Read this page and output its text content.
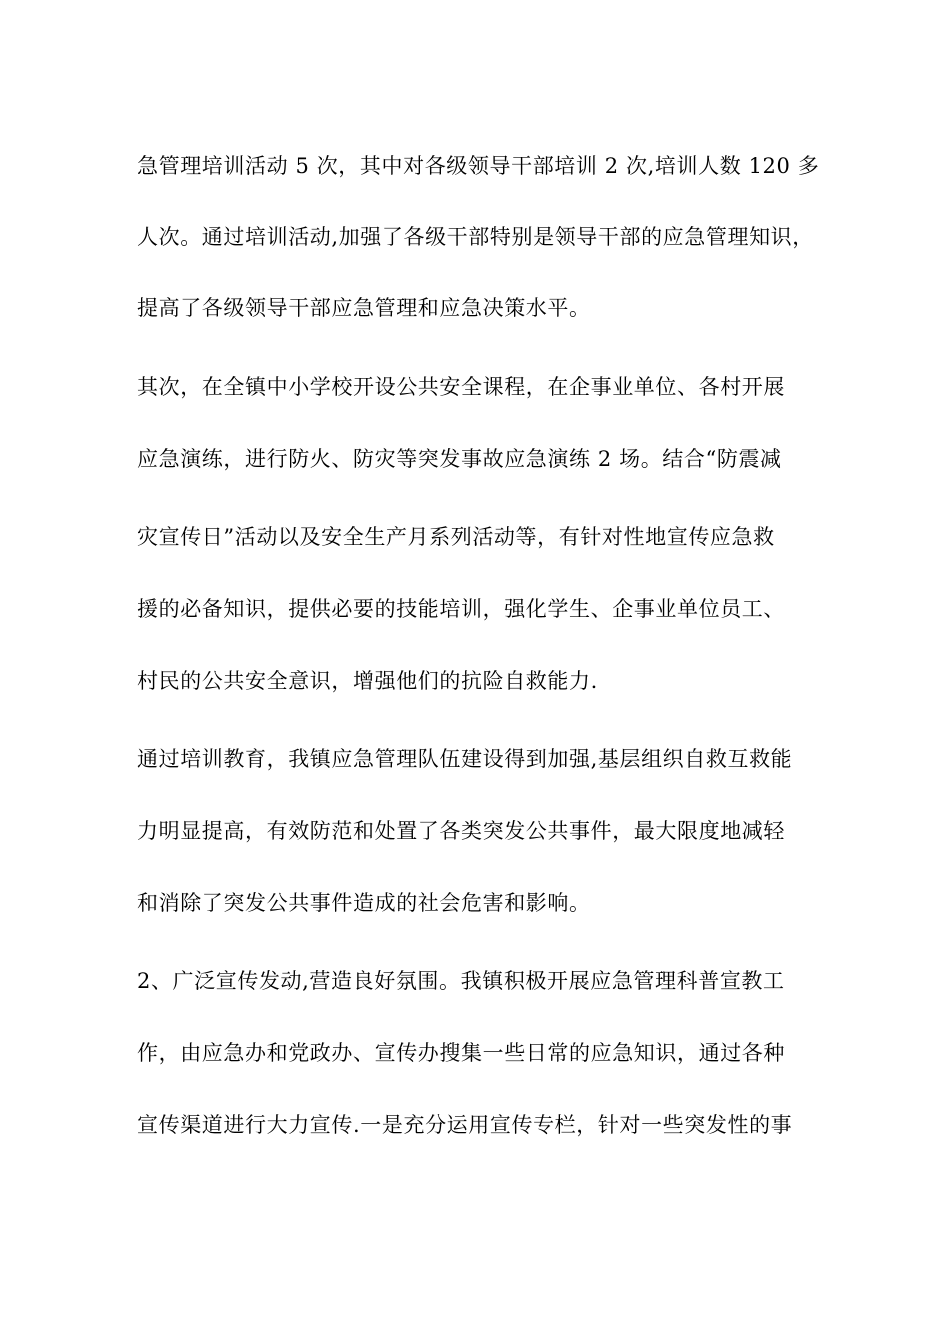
急管理培训活动 5 次，其中对各级领导干部培训 2 次,培训人数 120 多
人次。通过培训活动,加强了各级干部特别是领导干部的应急管理知识，
提高了各级领导干部应急管理和应急决策水平。
其次，在全镇中小学校开设公共安全课程，在企事业单位、各村开展
应急演练，进行防火、防灾等突发事故应急演练 2 场。结合“防震减
灾宣传日”活动以及安全生产月系列活动等，有针对性地宣传应急救
援的必备知识，提供必要的技能培训，强化学生、企事业单位员工、
村民的公共安全意识，增强他们的抗险自救能力.
通过培训教育，我镇应急管理队伍建设得到加强,基层组织自救互救能
力明显提高，有效防范和处置了各类突发公共事件，最大限度地减轻
和消除了突发公共事件造成的社会危害和影响。
2、广泛宣传发动,营造良好氛围。我镇积极开展应急管理科普宣教工
作，由应急办和党政办、宣传办搜集一些日常的应急知识，通过各种
宣传渠道进行大力宣传.一是充分运用宣传专栏，针对一些突发性的事
